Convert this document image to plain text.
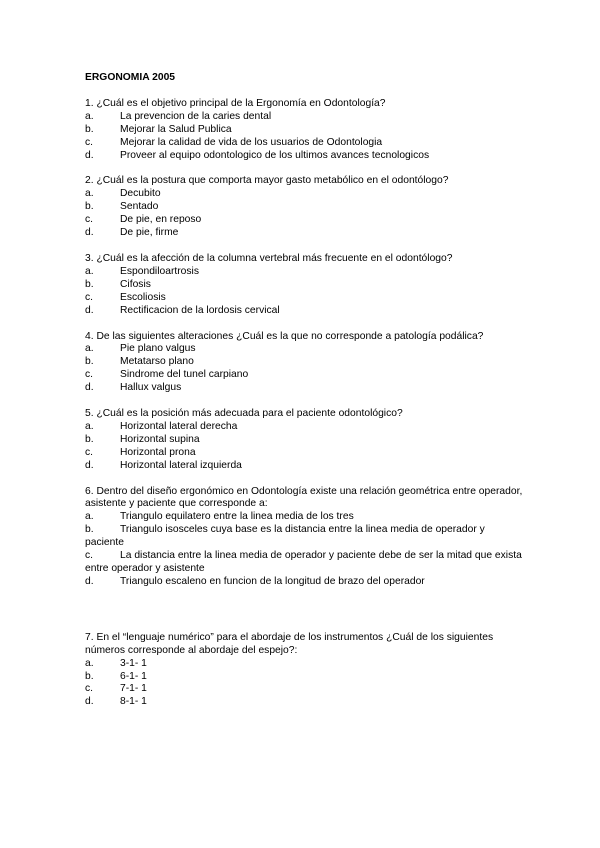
ERGONOMIA 2005
1. ¿Cuál es el objetivo principal de la Ergonomía en Odontología?
a.	La prevencion de la caries dental
b.	Mejorar la Salud Publica
c.	Mejorar la calidad de vida de los usuarios de Odontologia
d.	Proveer al equipo odontologico de los ultimos avances tecnologicos
2. ¿Cuál es la postura que comporta mayor gasto metabólico en el odontólogo?
a.	Decubito
b.	Sentado
c.	De pie, en reposo
d.	De pie, firme
3. ¿Cuál es la afección de la columna vertebral más frecuente en el odontólogo?
a.	Espondiloartrosis
b.	Cifosis
c.	Escoliosis
d.	Rectificacion de la lordosis cervical
4. De las siguientes alteraciones ¿Cuál es la que no corresponde a patología podálica?
a.	Pie plano valgus
b.	Metatarso plano
c.	Sindrome del tunel carpiano
d.	Hallux valgus
5. ¿Cuál es la posición más adecuada para el paciente odontológico?
a.	Horizontal lateral derecha
b.	Horizontal supina
c.	Horizontal prona
d.	Horizontal lateral izquierda
6. Dentro del diseño ergonómico en Odontología existe una relación geométrica entre operador, asistente y paciente que corresponde a:
a.	Triangulo equilatero entre la linea media de los tres
b.	Triangulo isosceles cuya base es la distancia entre la linea media de operador y paciente
c.	La distancia entre la linea media de operador y paciente debe de ser la mitad que exista entre operador y asistente
d.	Triangulo escaleno en funcion de la longitud de brazo del operador
7. En el “lenguaje numérico” para el abordaje de los instrumentos ¿Cuál de los siguientes
números corresponde al abordaje del espejo?:
a.	3-1- 1
b.	6-1- 1
c.	7-1- 1
d.	8-1- 1
